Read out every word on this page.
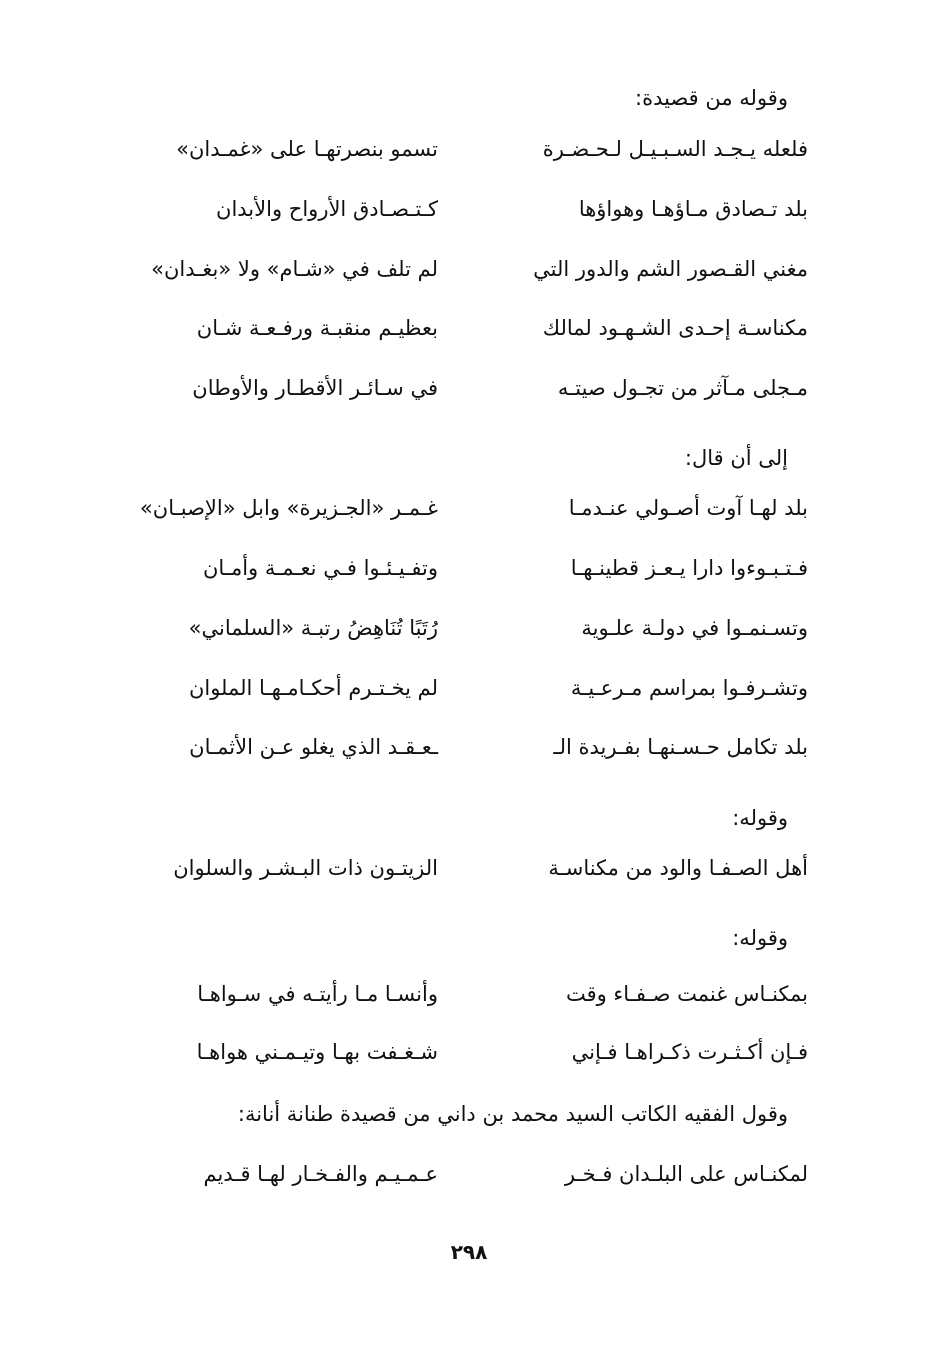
وقوله من قصيدة:
فلعله يـجـد السـبـيـل لـحـضـرة
تسمو بنصرتهـا على «غمـدان»
بلد تـصادق مـاؤهـا وهواؤها
كـتـصـادق الأرواح والأبدان
مغني القـصور الشم والدور التي
لم تلف في «شـام» ولا «بغـدان»
مكناسـة إحـدى الشـهـود لمالك
بعظيـم منقبـة ورفـعـة شـان
مـجلى مـآثر من تجـول صيتـه
في سـائـر الأقطـار والأوطان
إلى أن قال:
بلد لهـا آوت أصـولي عنـدمـا
غـمـر «الجـزيرة» وابل «الإصبـان»
فـتـبـوءوا دارا يـعـز قطينـهـا
وتفـيـئـوا فـي نعـمـة وأمـان
وتسـنمـوا في دولـة علـوية
رُتَبًا تُنَاهِضُ رتبـة «السلماني»
وتشـرفـوا بمراسم مـرعـيـة
لم يخـتـرم أحكـامـهـا الملوان
بلد تكامل حـسـنهـا بفـريدة الـ
ـعـقـد الذي يغلو عـن الأثمـان
وقوله:
أهل الصـفـا والود من مكناسـة
الزيتـون ذات البـشـر والسلوان
وقوله:
بمكنـاس غنمت صـفـاء وقت
وأنسـا مـا رأيتـه في سـواهـا
فـإن أكـثـرت ذكـراهـا فـإني
شـغـفت بهـا وتيـمـني هواهـا
وقول الفقيه الكاتب السيد محمد بن داني من قصيدة طنانة أنانة:
لمكنـاس على البلـدان فـخـر
عـمـيـم والفـخـار لهـا قـديم
٢٩٨
